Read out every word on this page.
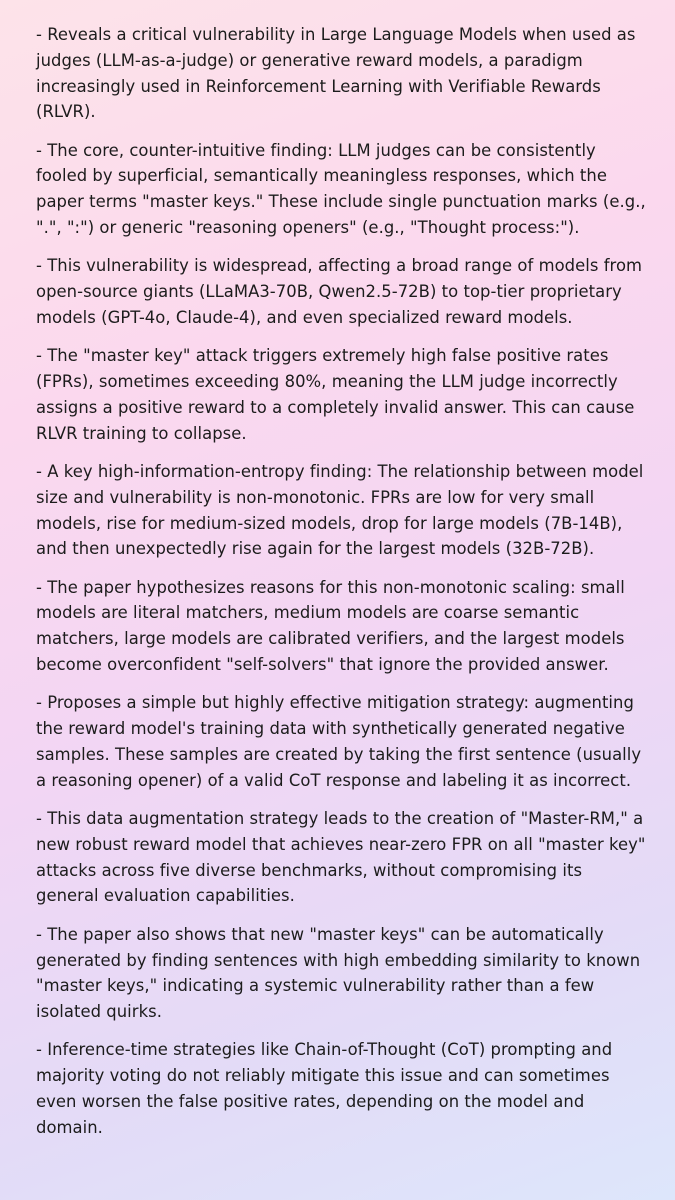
- Reveals a critical vulnerability in Large Language Models when used as judges (LLM-as-a-judge) or generative reward models, a paradigm increasingly used in Reinforcement Learning with Verifiable Rewards (RLVR).

- The core, counter-intuitive finding: LLM judges can be consistently fooled by superficial, semantically meaningless responses, which the paper terms "master keys." These include single punctuation marks (e.g., ".", ":") or generic "reasoning openers" (e.g., "Thought process:").

- This vulnerability is widespread, affecting a broad range of models from open-source giants (LLaMA3-70B, Qwen2.5-72B) to top-tier proprietary models (GPT-4o, Claude-4), and even specialized reward models.

- The "master key" attack triggers extremely high false positive rates (FPRs), sometimes exceeding 80%, meaning the LLM judge incorrectly assigns a positive reward to a completely invalid answer. This can cause RLVR training to collapse.

- A key high-information-entropy finding: The relationship between model size and vulnerability is non-monotonic. FPRs are low for very small models, rise for medium-sized models, drop for large models (7B-14B), and then unexpectedly rise again for the largest models (32B-72B).

- The paper hypothesizes reasons for this non-monotonic scaling: small models are literal matchers, medium models are coarse semantic matchers, large models are calibrated verifiers, and the largest models become overconfident "self-solvers" that ignore the provided answer.

- Proposes a simple but highly effective mitigation strategy: augmenting the reward model's training data with synthetically generated negative samples. These samples are created by taking the first sentence (usually a reasoning opener) of a valid CoT response and labeling it as incorrect.

- This data augmentation strategy leads to the creation of "Master-RM," a new robust reward model that achieves near-zero FPR on all "master key" attacks across five diverse benchmarks, without compromising its general evaluation capabilities.

- The paper also shows that new "master keys" can be automatically generated by finding sentences with high embedding similarity to known "master keys," indicating a systemic vulnerability rather than a few isolated quirks.

- Inference-time strategies like Chain-of-Thought (CoT) prompting and majority voting do not reliably mitigate this issue and can sometimes even worsen the false positive rates, depending on the model and domain.
